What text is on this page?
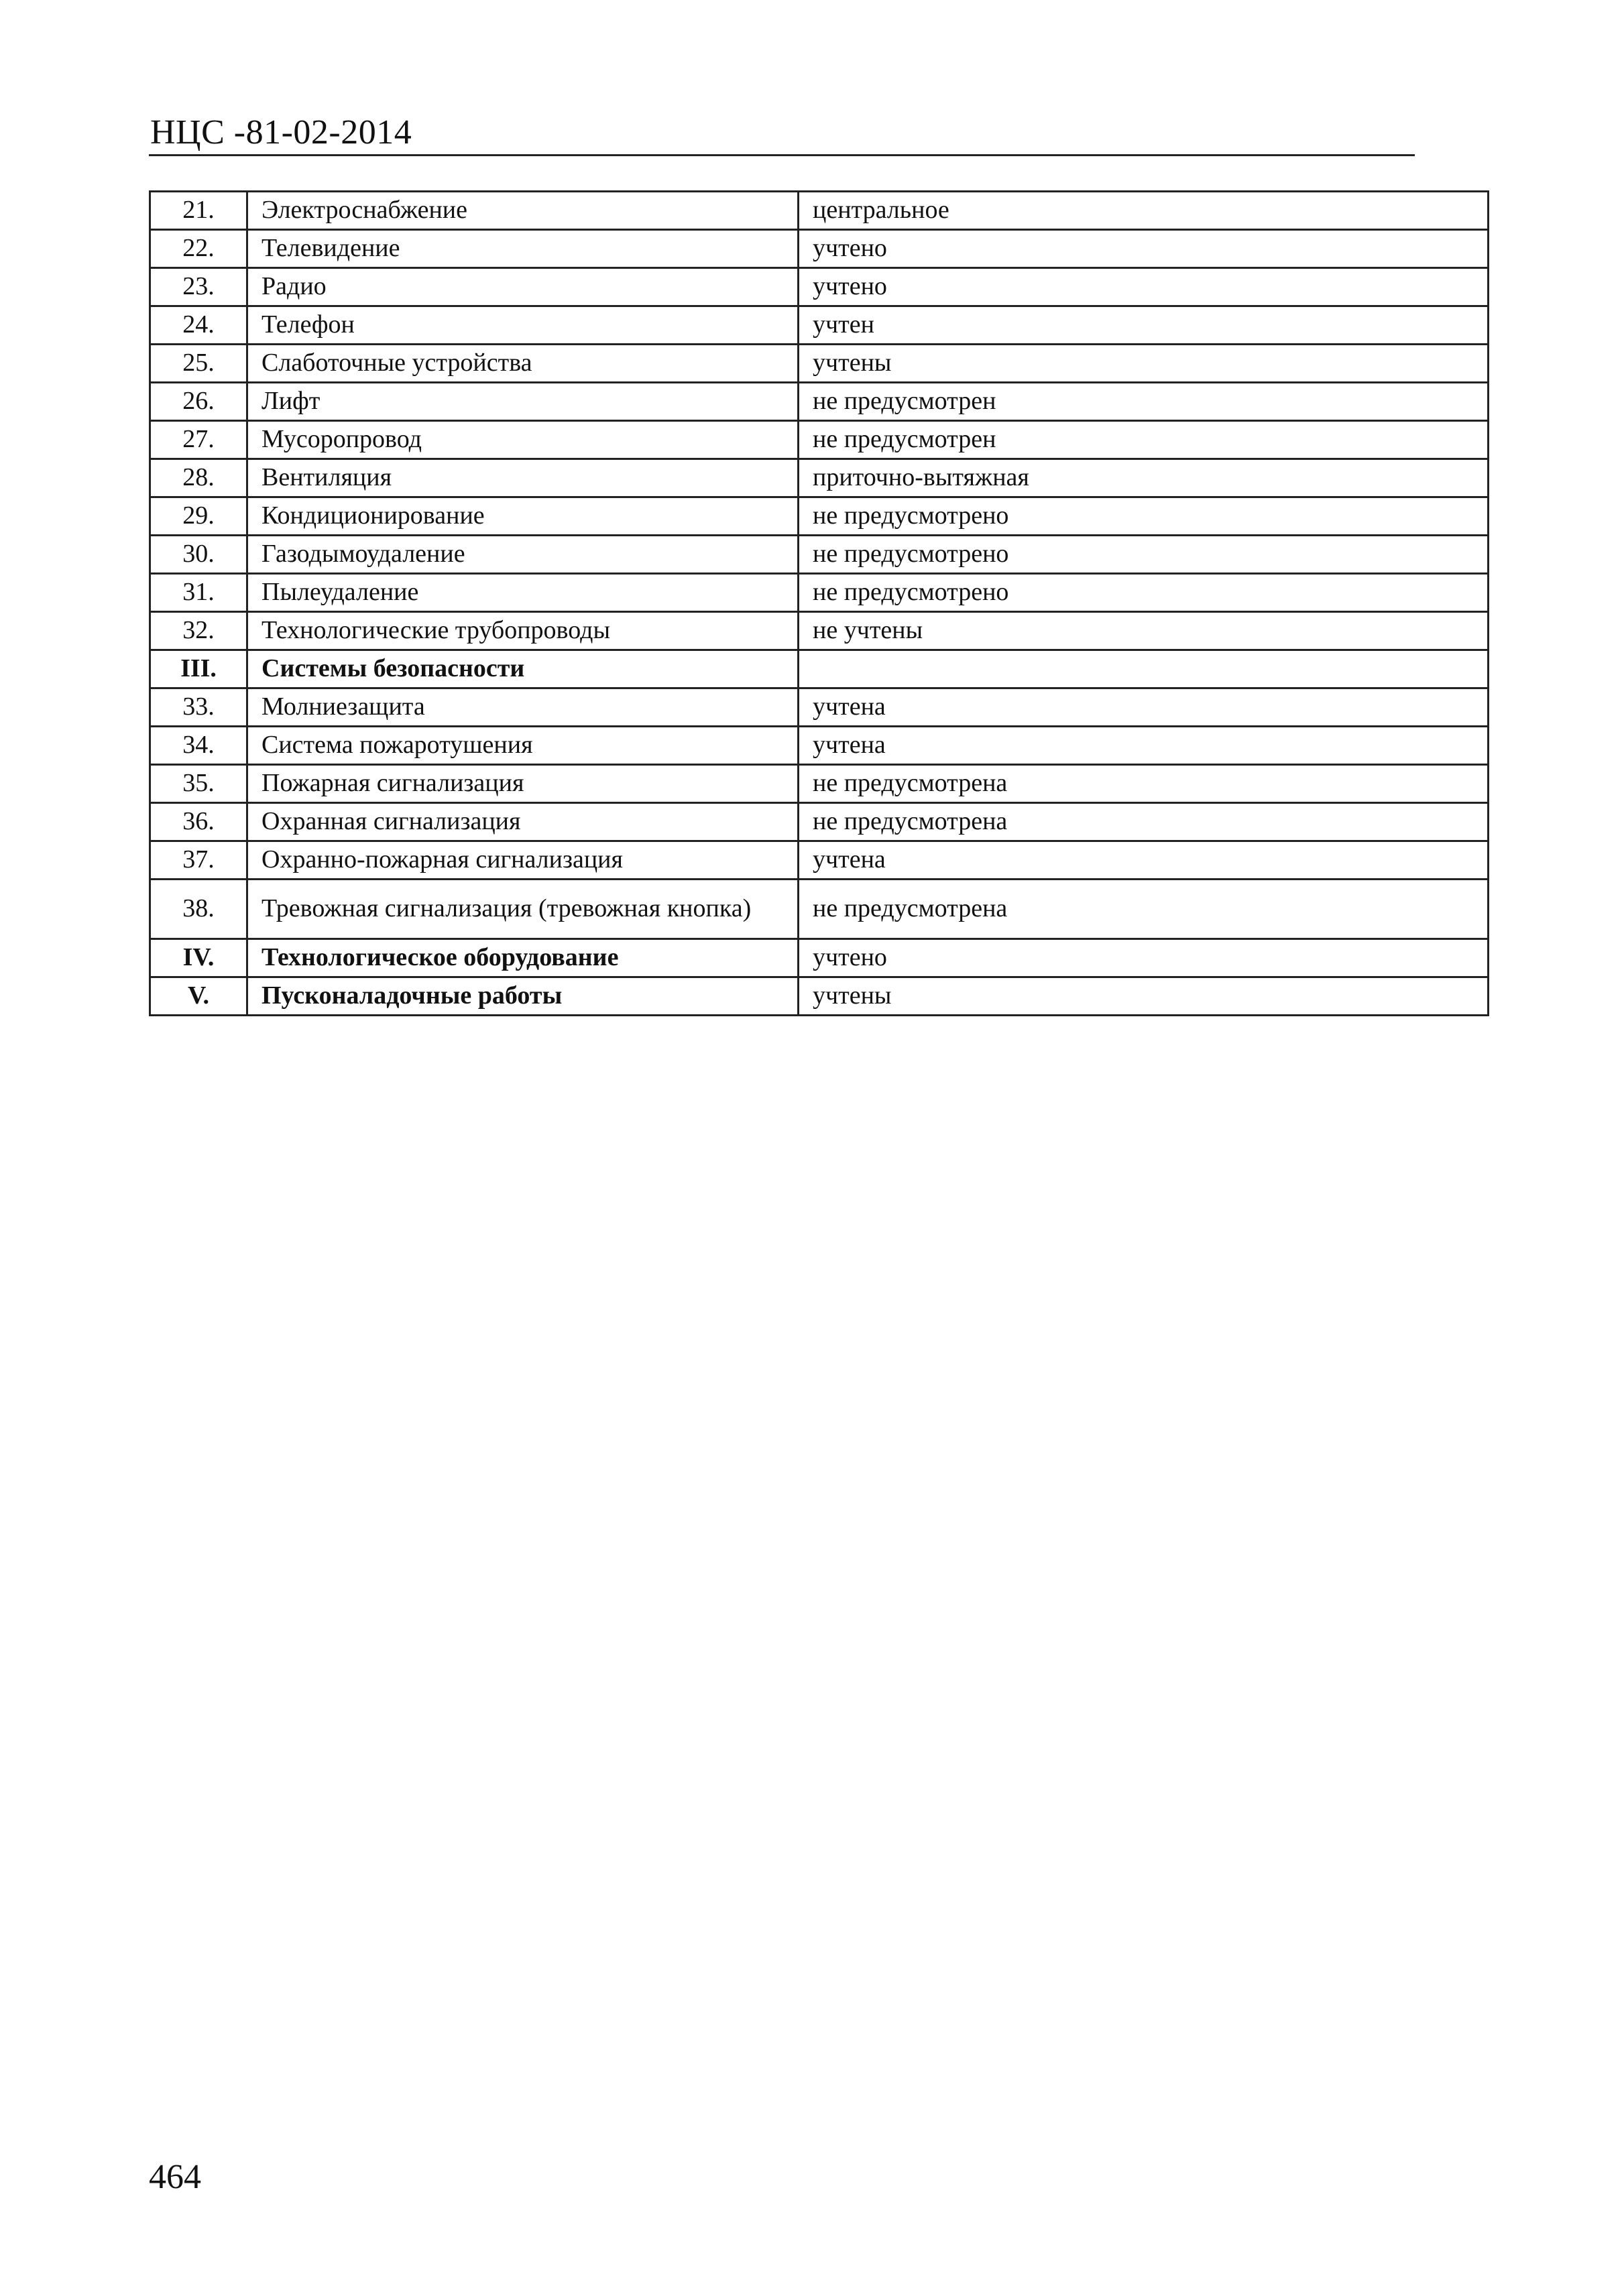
НЦС -81-02-2014
21.	Электроснабжение	центральное
22.	Телевидение	учтено
23.	Радио	учтено
24.	Телефон	учтен
25.	Слаботочные устройства	учтены
26.	Лифт	не предусмотрен
27.	Мусоропровод	не предусмотрен
28.	Вентиляция	приточно-вытяжная
29.	Кондиционирование	не предусмотрено
30.	Газодымоудаление	не предусмотрено
31.	Пылеудаление	не предусмотрено
32.	Технологические трубопроводы	не учтены
III.	Системы безопасности	
33.	Молниезащита	учтена
34.	Система пожаротушения	учтена
35.	Пожарная сигнализация	не предусмотрена
36.	Охранная сигнализация	не предусмотрена
37.	Охранно-пожарная сигнализация	учтена
38.	Тревожная сигнализация (тревожная кнопка)	не предусмотрена
IV.	Технологическое оборудование	учтено
V.	Пусконаладочные работы	учтены
464
